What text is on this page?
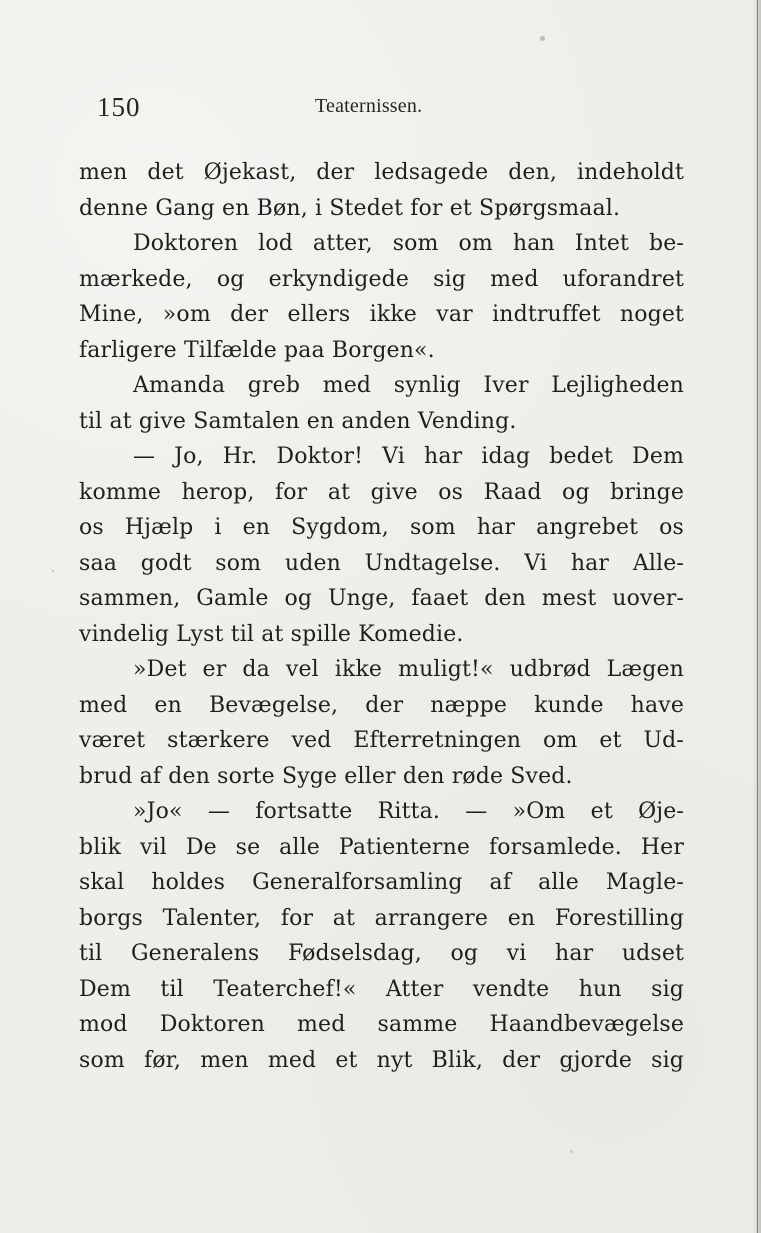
150	Teaternissen.
men det Øjekast, der ledsagede den, indeholdt
denne Gang en Bøn, i Stedet for et Spørgsmaal.
Doktoren lod atter, som om han Intet be-
mærkede, og erkyndigede sig med uforandret
Mine, »om der ellers ikke var indtruffet noget
farligere Tilfælde paa Borgen«.
Amanda greb med synlig Iver Lejligheden
til at give Samtalen en anden Vending.
— Jo, Hr. Doktor! Vi har idag bedet Dem
komme herop, for at give os Raad og bringe
os Hjælp i en Sygdom, som har angrebet os
saa godt som uden Undtagelse. Vi har Alle-
sammen, Gamle og Unge, faaet den mest uover-
vindelig Lyst til at spille Komedie.
»Det er da vel ikke muligt!« udbrød Lægen
med en Bevægelse, der næppe kunde have
været stærkere ved Efterretningen om et Ud-
brud af den sorte Syge eller den røde Sved.
»Jo« — fortsatte Ritta. — »Om et Øje-
blik vil De se alle Patienterne forsamlede. Her
skal holdes Generalforsamling af alle Magle-
borgs Talenter, for at arrangere en Forestilling
til Generalens Fødselsdag, og vi har udset
Dem til Teaterchef!« Atter vendte hun sig
mod Doktoren med samme Haandbevægelse
som før, men med et nyt Blik, der gjorde sig
